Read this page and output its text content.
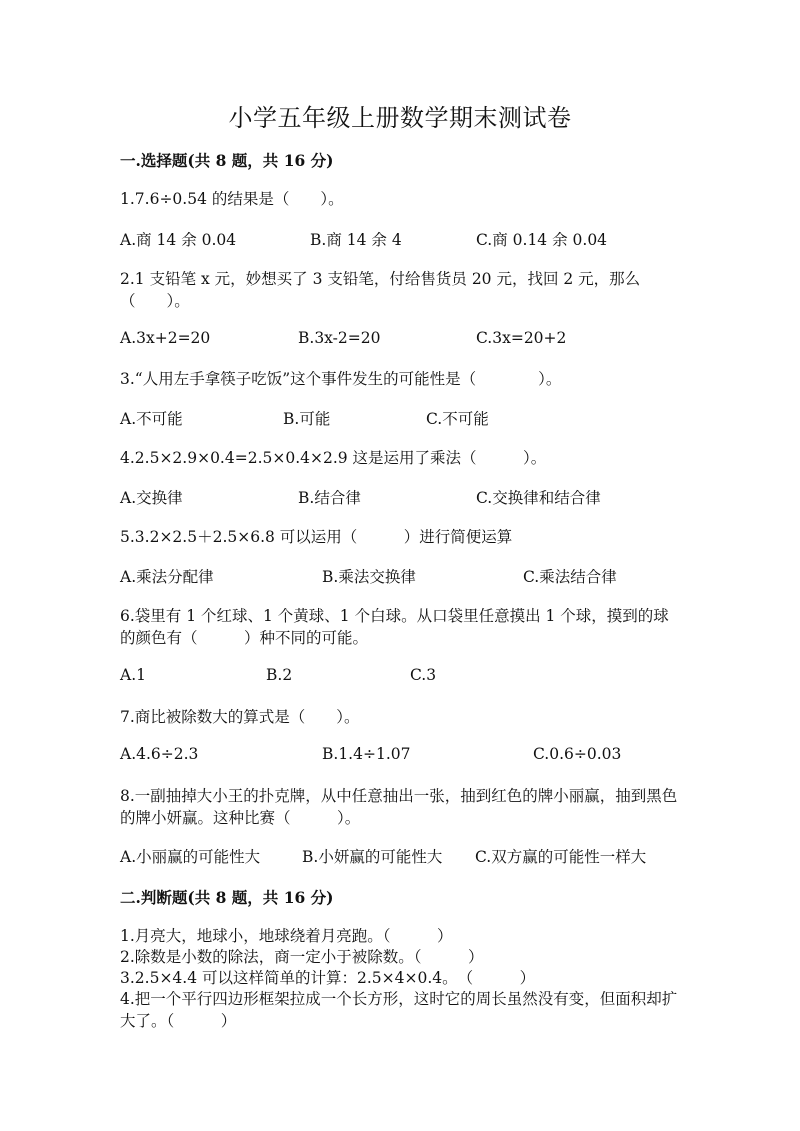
小学五年级上册数学期末测试卷
一.选择题(共 8 题，共 16 分)
1.7.6÷0.54 的结果是（　　）。
A.商 14 余 0.04	B.商 14 余 4	C.商 0.14 余 0.04
2.1 支铅笔 x 元，妙想买了 3 支铅笔，付给售货员 20 元，找回 2 元，那么（　　）。
A.3x+2=20	B.3x-2=20	C.3x=20+2
3.“人用左手拿筷子吃饭”这个事件发生的可能性是（　　　　）。
A.不可能	B.可能	C.不可能
4.2.5×2.9×0.4=2.5×0.4×2.9 这是运用了乘法（　　　）。
A.交换律	B.结合律	C.交换律和结合律
5.3.2×2.5＋2.5×6.8 可以运用（　　　）进行简便运算
A.乘法分配律	B.乘法交换律	C.乘法结合律
6.袋里有 1 个红球、1 个黄球、1 个白球。从口袋里任意摸出 1 个球，摸到的球的颜色有（　　　）种不同的可能。
A.1	B.2	C.3
7.商比被除数大的算式是（　　）。
A.4.6÷2.3	B.1.4÷1.07	C.0.6÷0.03
8.一副抽掉大小王的扑克牌，从中任意抽出一张，抽到红色的牌小丽赢，抽到黑色的牌小妍赢。这种比赛（　　　）。
A.小丽赢的可能性大	B.小妍赢的可能性大 C.双方赢的可能性一样大
二.判断题(共 8 题，共 16 分)
1.月亮大，地球小，地球绕着月亮跑。（　　　）
2.除数是小数的除法，商一定小于被除数。（　　　）
3.2.5×4.4 可以这样简单的计算：2.5×4×0.4。　（　　　）
4.把一个平行四边形框架拉成一个长方形，这时它的周长虽然没有变，但面积却扩大了。（　　　）
